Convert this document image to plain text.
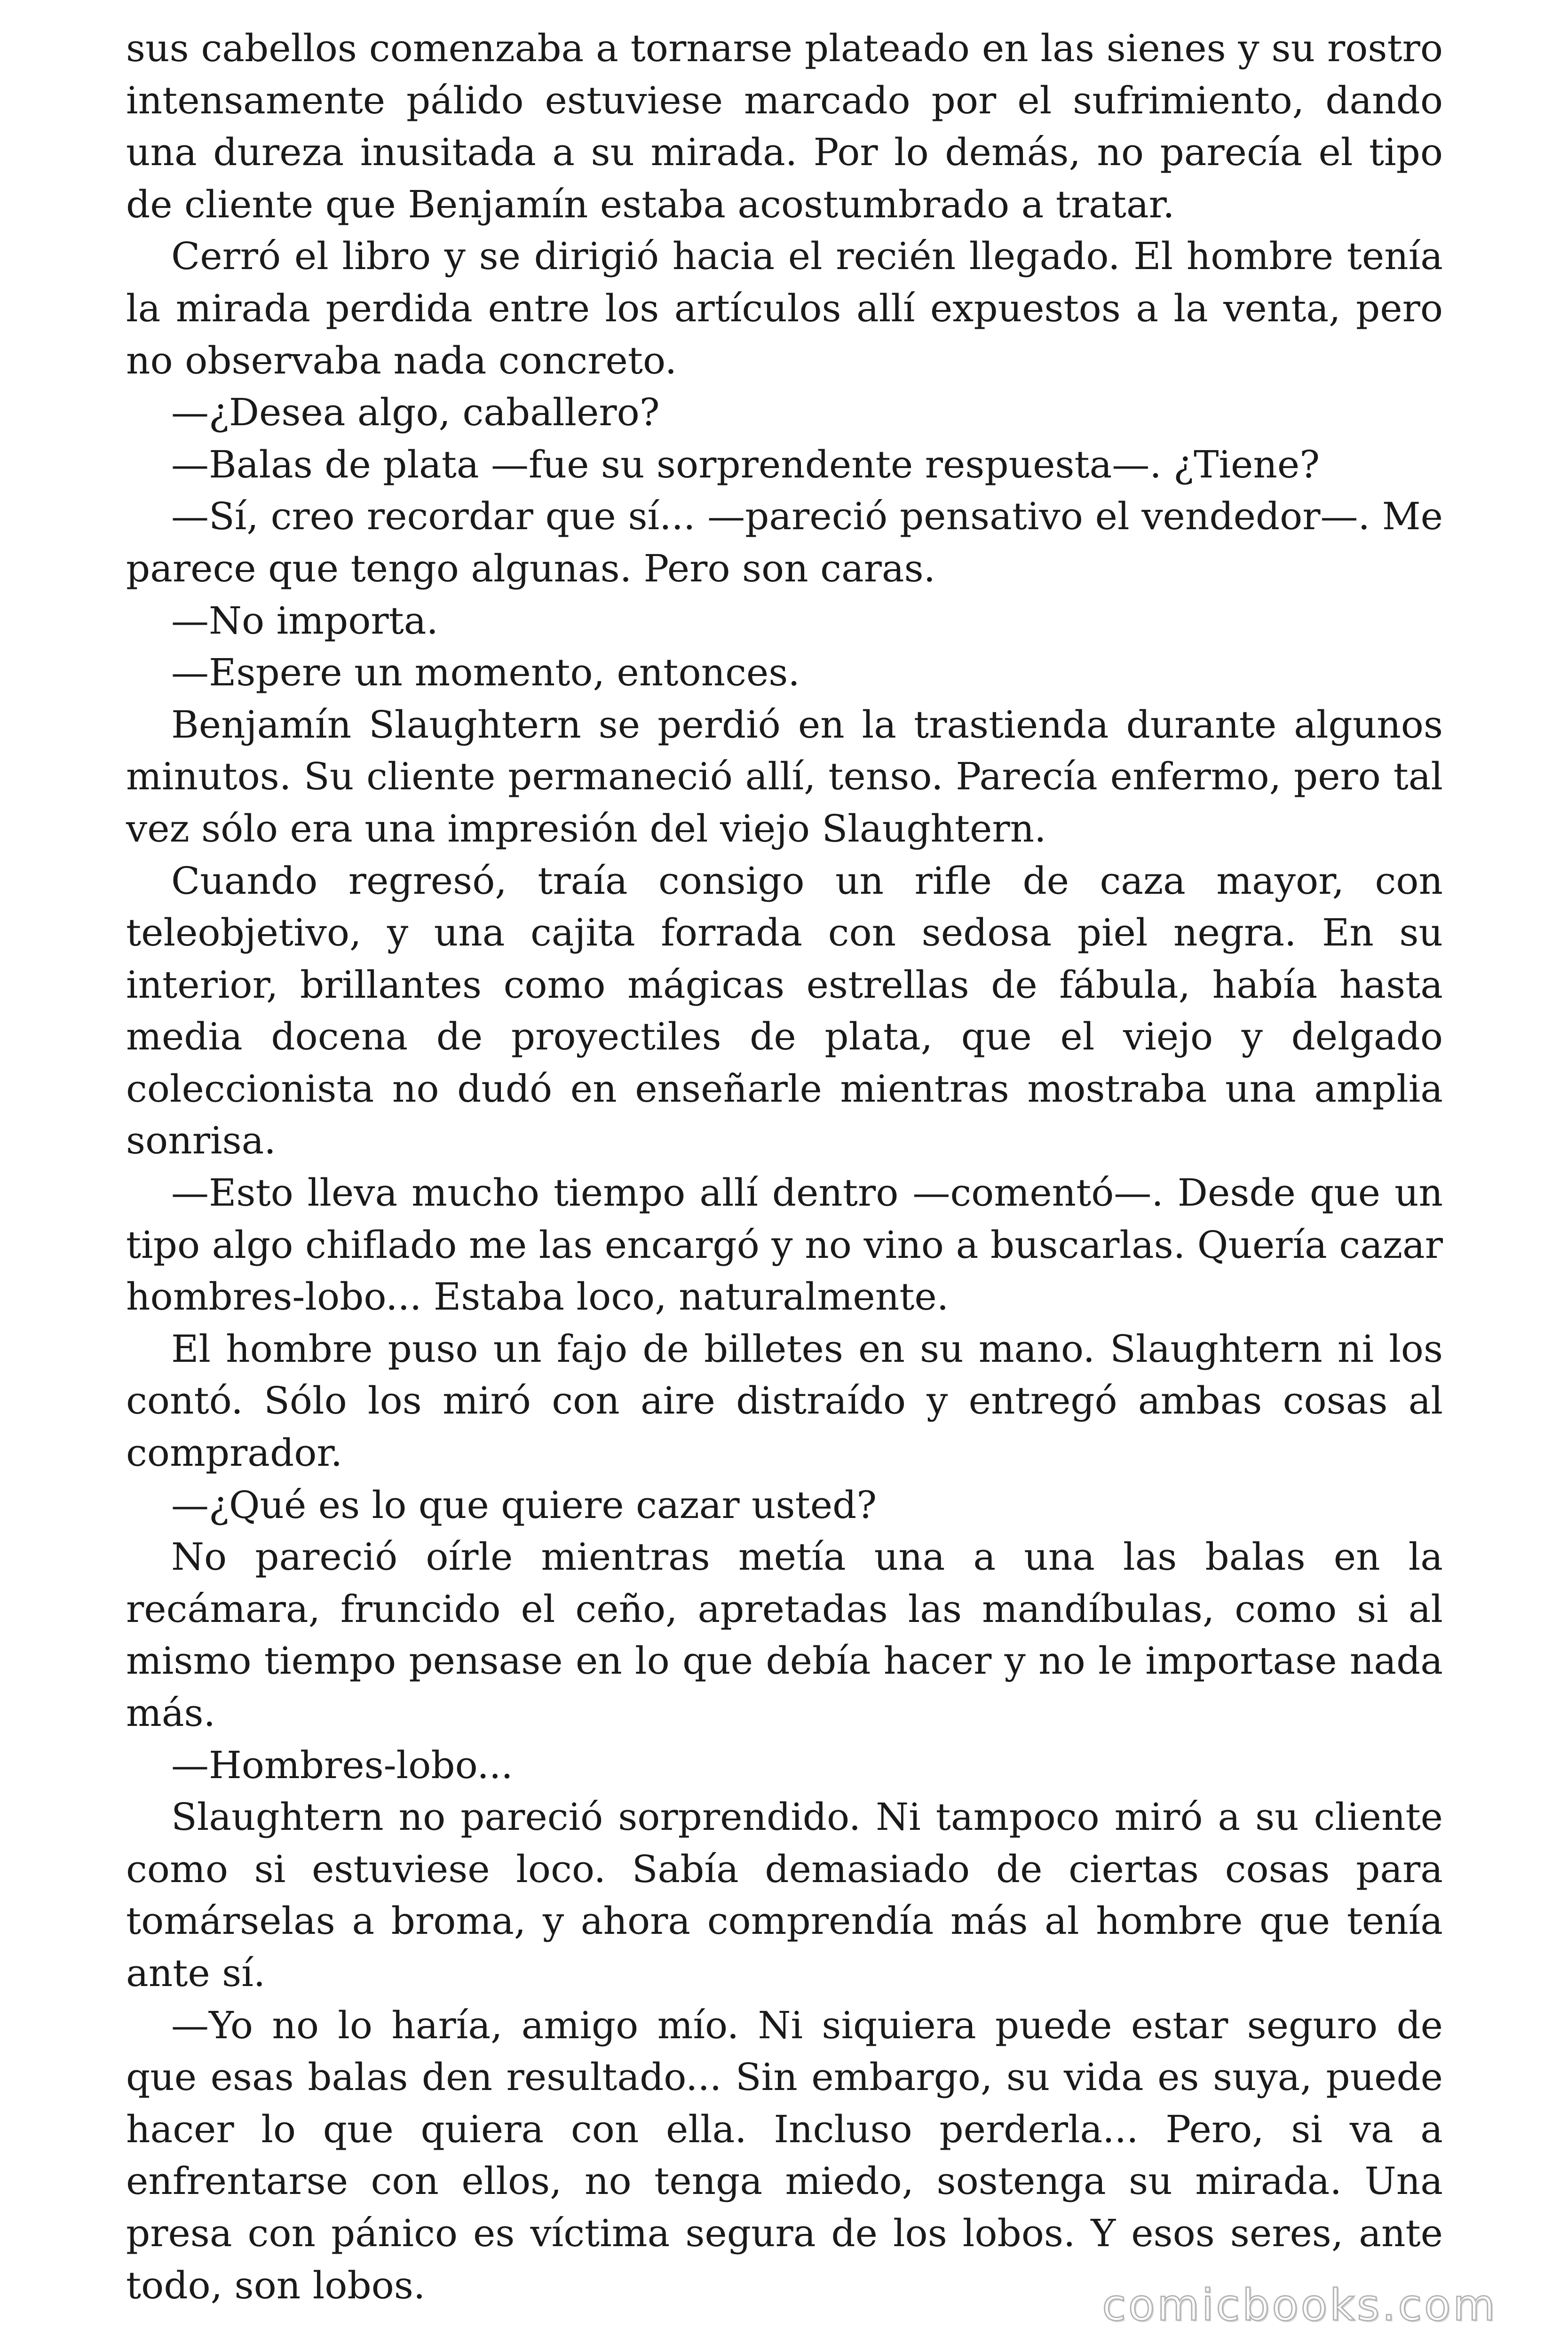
sus cabellos comenzaba a tornarse plateado en las sienes y su rostro intensamente pálido estuviese marcado por el sufrimiento, dando una dureza inusitada a su mirada. Por lo demás, no parecía el tipo de cliente que Benjamín estaba acostumbrado a tratar.

Cerró el libro y se dirigió hacia el recién llegado. El hombre tenía la mirada perdida entre los artículos allí expuestos a la venta, pero no observaba nada concreto.

—¿Desea algo, caballero?

—Balas de plata —fue su sorprendente respuesta—. ¿Tiene?

—Sí, creo recordar que sí... —pareció pensativo el vendedor—. Me parece que tengo algunas. Pero son caras.

—No importa.

—Espere un momento, entonces.

Benjamín Slaughtern se perdió en la trastienda durante algunos minutos. Su cliente permaneció allí, tenso. Parecía enfermo, pero tal vez sólo era una impresión del viejo Slaughtern.

Cuando regresó, traía consigo un rifle de caza mayor, con teleobjetivo, y una cajita forrada con sedosa piel negra. En su interior, brillantes como mágicas estrellas de fábula, había hasta media docena de proyectiles de plata, que el viejo y delgado coleccionista no dudó en enseñarle mientras mostraba una amplia sonrisa.

—Esto lleva mucho tiempo allí dentro —comentó—. Desde que un tipo algo chiflado me las encargó y no vino a buscarlas. Quería cazar hombres-lobo... Estaba loco, naturalmente.

El hombre puso un fajo de billetes en su mano. Slaughtern ni los contó. Sólo los miró con aire distraído y entregó ambas cosas al comprador.

—¿Qué es lo que quiere cazar usted?

No pareció oírle mientras metía una a una las balas en la recámara, fruncido el ceño, apretadas las mandíbulas, como si al mismo tiempo pensase en lo que debía hacer y no le importase nada más.

—Hombres-lobo...

Slaughtern no pareció sorprendido. Ni tampoco miró a su cliente como si estuviese loco. Sabía demasiado de ciertas cosas para tomárselas a broma, y ahora comprendía más al hombre que tenía ante sí.

—Yo no lo haría, amigo mío. Ni siquiera puede estar seguro de que esas balas den resultado... Sin embargo, su vida es suya, puede hacer lo que quiera con ella. Incluso perderla... Pero, si va a enfrentarse con ellos, no tenga miedo, sostenga su mirada. Una presa con pánico es víctima segura de los lobos. Y esos seres, ante todo, son lobos.	comicbooks.com
